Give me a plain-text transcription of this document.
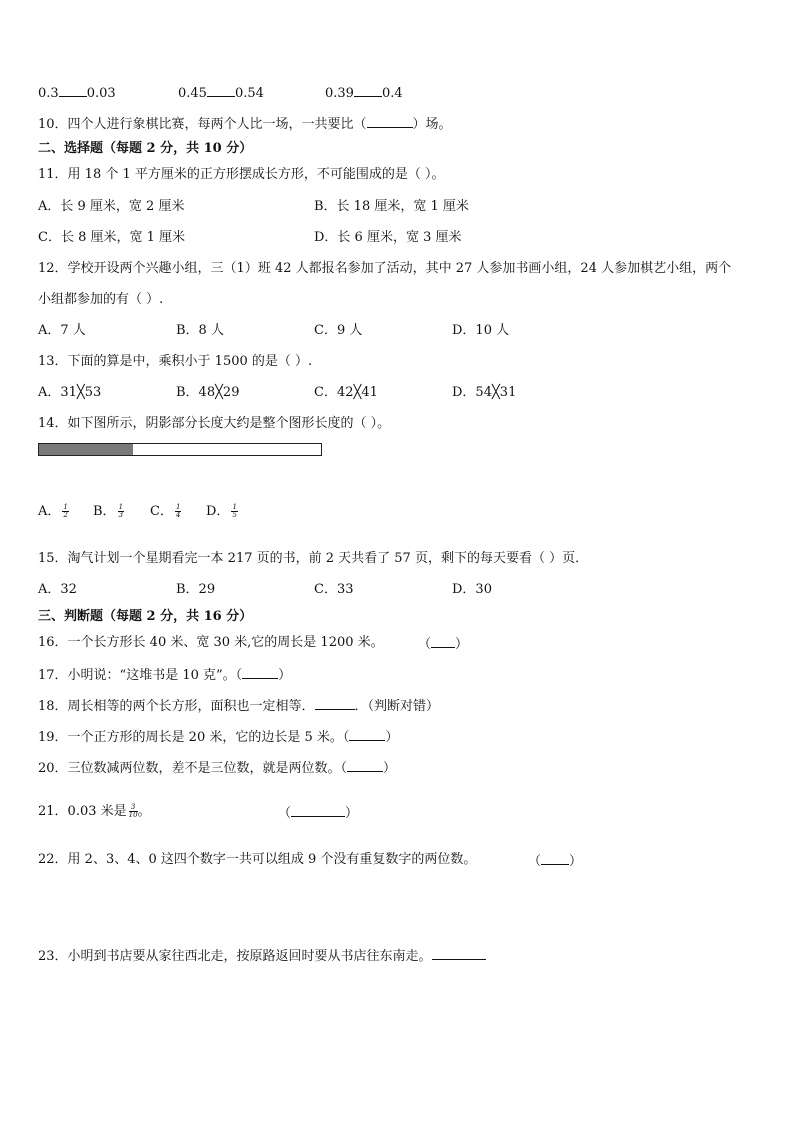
0.3 0.03	0.45 0.54	0.39 0.4
10．四个人进行象棋比赛，每两个人比一场，一共要比（	）场。
二、选择题（每题 2 分，共 10 分）
11．用 18 个 1 平方厘米的正方形摆成长方形，不可能围成的是（ ）。
A．长 9 厘米，宽 2 厘米	B．长 18 厘米，宽 1 厘米
C．长 8 厘米，宽 1 厘米	D．长 6 厘米，宽 3 厘米
12．学校开设两个兴趣小组，三（1）班 42 人都报名参加了活动，其中 27 人参加书画小组，24 人参加棋艺小组，两个
小组都参加的有（ ）.
A．7 人	B．8 人	C．9 人	D．10 人
13．下面的算是中，乘积小于 1500 的是（ ）.
A．31╳53	B．48╳29	C．42╳41	D．54╳31
14．如下图所示，阴影部分长度大约是整个图形长度的（ ）。
A． $\frac{1}{2}$ B． $\frac{1}{3}$ C． $\frac{1}{4}$ D． $\frac{1}{5}$
15．淘气计划一个星期看完一本 217 页的书，前 2 天共看了 57 页，剩下的每天要看（ ）页．
A．32	B．29	C．33	D．30
三、判断题（每题 2 分，共 16 分）
16．一个长方形长 40 米、宽 30 米,它的周长是 1200 米。	（ ）
17．小明说：“这堆书是 10 克”。（	）
18．周长相等的两个长方形，面积也一定相等．	．（判断对错）
19．一个正方形的周长是 20 米，它的边长是 5 米。（	）
20．三位数减两位数，差不是三位数，就是两位数。（	）
21．0.03 米是 $\frac{3}{10}$ 。	（	）
22．用 2、3、4、0 这四个数字一共可以组成 9 个没有重复数字的两位数。	（ ）
23．小明到书店要从家往西北走，按原路返回时要从书店往东南走。
